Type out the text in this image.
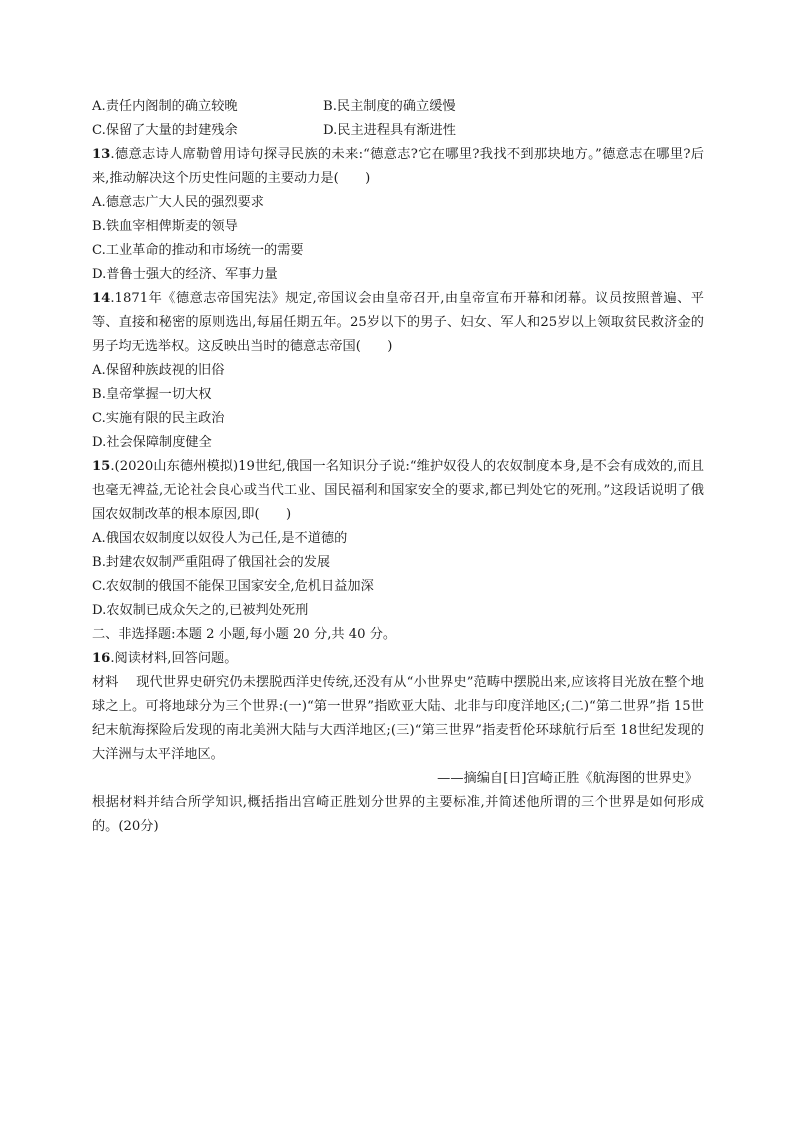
A.责任内阁制的确立较晚	B.民主制度的确立缓慢
C.保留了大量的封建残余	D.民主进程具有渐进性
13.德意志诗人席勒曾用诗句探寻民族的未来:“德意志?它在哪里?我找不到那块地方。”德意志在哪里?后来,推动解决这个历史性问题的主要动力是(　　)
A.德意志广大人民的强烈要求
B.铁血宰相俾斯麦的领导
C.工业革命的推动和市场统一的需要
D.普鲁士强大的经济、军事力量
14.1871年《德意志帝国宪法》规定,帝国议会由皇帝召开,由皇帝宣布开幕和闭幕。议员按照普遍、平等、直接和秘密的原则选出,每届任期五年。25岁以下的男子、妇女、军人和25岁以上领取贫民救济金的男子均无选举权。这反映出当时的德意志帝国(　　)
A.保留种族歧视的旧俗
B.皇帝掌握一切大权
C.实施有限的民主政治
D.社会保障制度健全
15.(2020山东德州模拟)19世纪,俄国一名知识分子说:“维护奴役人的农奴制度本身,是不会有成效的,而且也毫无裨益,无论社会良心或当代工业、国民福利和国家安全的要求,都已判处它的死刑。”这段话说明了俄国农奴制改革的根本原因,即(　　)
A.俄国农奴制度以奴役人为己任,是不道德的
B.封建农奴制严重阻碍了俄国社会的发展
C.农奴制的俄国不能保卫国家安全,危机日益加深
D.农奴制已成众矢之的,已被判处死刑
二、非选择题:本题 2 小题,每小题 20 分,共 40 分。
16.阅读材料,回答问题。
材料 现代世界史研究仍未摆脱西洋史传统,还没有从“小世界史”范畴中摆脱出来,应该将目光放在整个地球之上。可将地球分为三个世界:(一)“第一世界”指欧亚大陆、北非与印度洋地区;(二)“第二世界”指 15世纪末航海探险后发现的南北美洲大陆与大西洋地区;(三)“第三世界”指麦哲伦环球航行后至 18世纪发现的大洋洲与太平洋地区。
——摘编自[日]宫崎正胜《航海图的世界史》
根据材料并结合所学知识,概括指出宫崎正胜划分世界的主要标准,并简述他所谓的三个世界是如何形成的。(20分)
